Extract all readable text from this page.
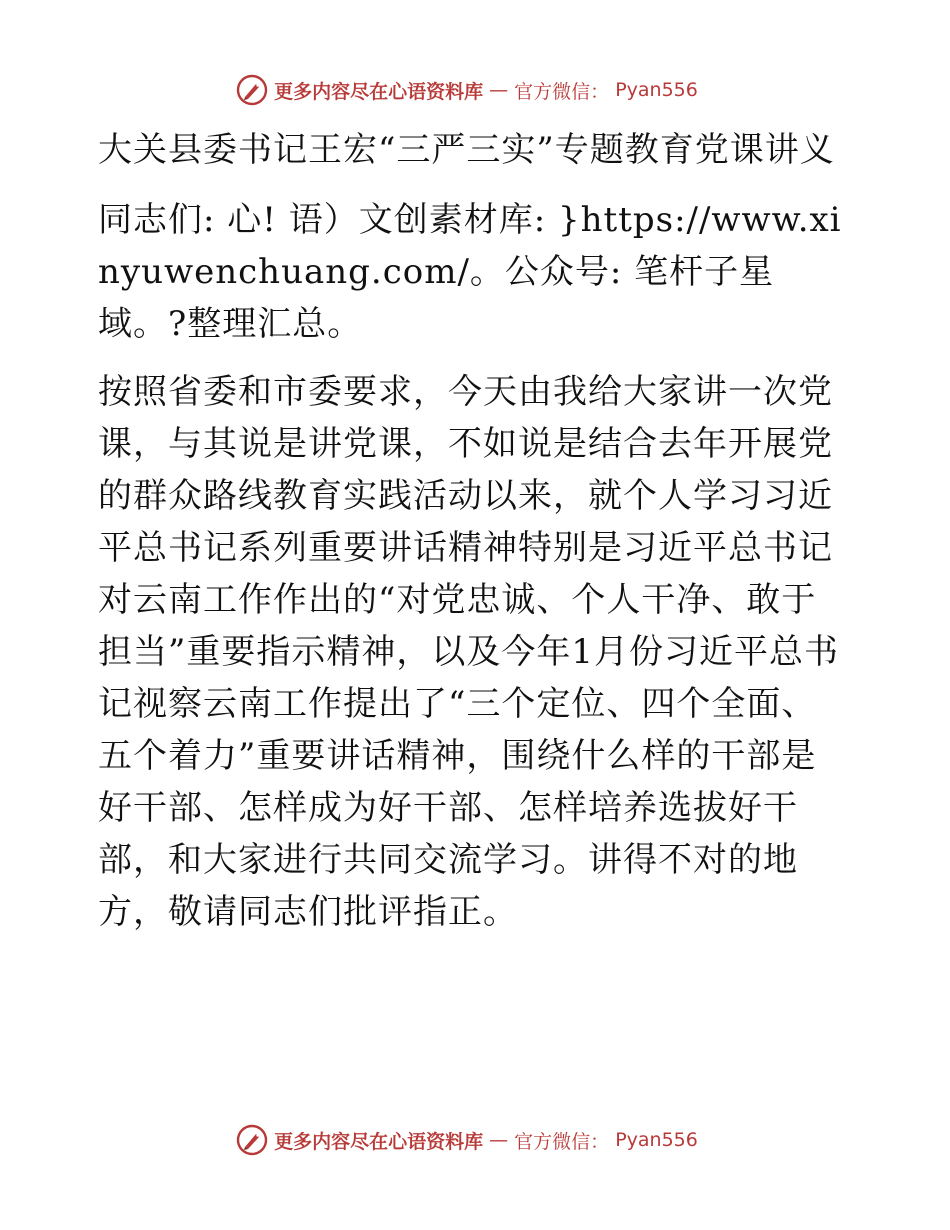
更多内容尽在心语资料库 — 官方微信： Pyan556

大关县委书记王宏“三严三实”专题教育党课讲义

同志们: 心! 语）文创素材库: }https://www.xinyuwenchuang.com/。公众号: 笔杆子星域。?整理汇总。

按照省委和市委要求，今天由我给大家讲一次党课，与其说是讲党课，不如说是结合去年开展党的群众路线教育实践活动以来，就个人学习习近平总书记系列重要讲话精神特别是习近平总书记对云南工作作出的“对党忠诚、个人干净、敢于担当”重要指示精神，以及今年1月份习近平总书记视察云南工作提出了“三个定位、四个全面、五个着力”重要讲话精神，围绕什么样的干部是好干部、怎样成为好干部、怎样培养选拔好干部，和大家进行共同交流学习。讲得不对的地方，敬请同志们批评指正。

更多内容尽在心语资料库 — 官方微信： Pyan556
